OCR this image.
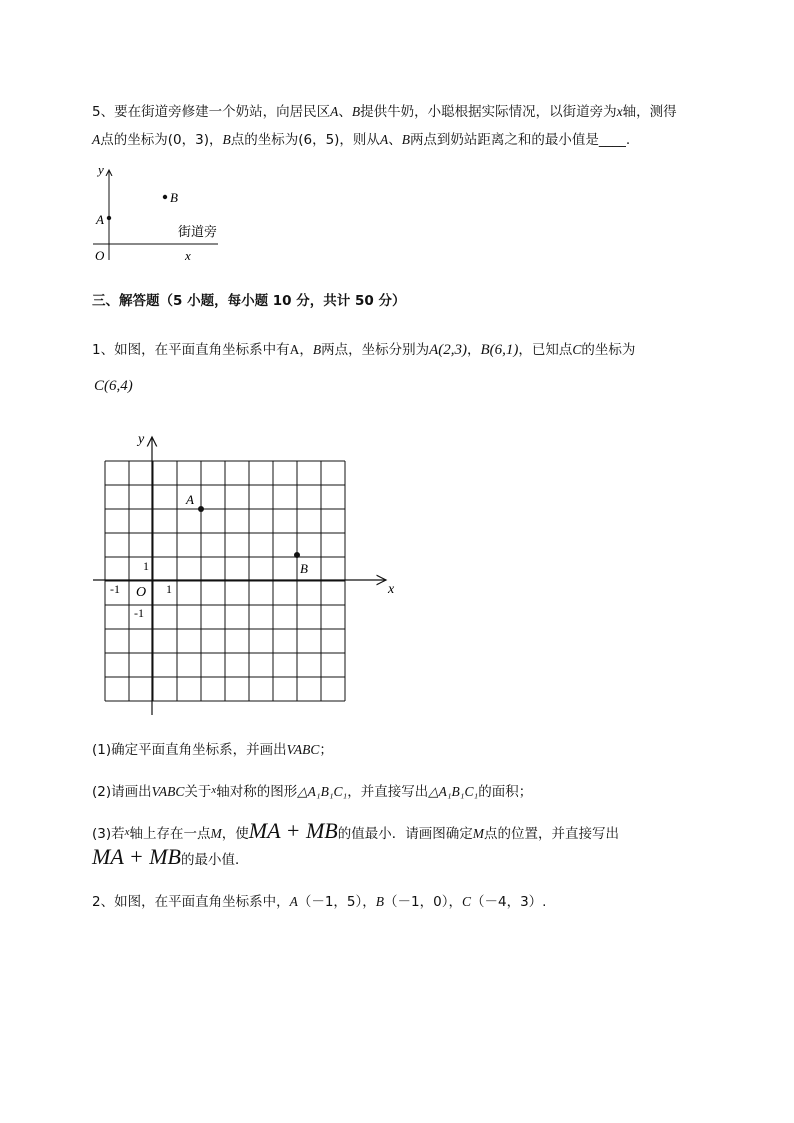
5、要在街道旁修建一个奶站，向居民区A、B提供牛奶，小聪根据实际情况，以街道旁为x轴，测得
A点的坐标为(0，3)，B点的坐标为(6，5)，则从A、B两点到奶站距离之和的最小值是____.
y
O	x
A
B
街道旁
三、解答题（5 小题，每小题 10 分，共计 50 分）
1、如图，在平面直角坐标系中有A，B两点，坐标分别为A(2,3)，B(6,1)，已知点C的坐标为
C(6,4)
y
x
O
1
-1	1
-1
A
B
(1)确定平面直角坐标系，并画出VABC；
(2)请画出VABC关于$^x$轴对称的图形△A₁B₁C₁，并直接写出△A₁B₁C₁的面积；
(3)若$^x$轴上存在一点M，使MA + MB的值最小．请画图确定M点的位置，并直接写出
MA + MB的最小值．
2、如图，在平面直角坐标系中，A（－1，5），B（－1，0），C（－4，3）.
